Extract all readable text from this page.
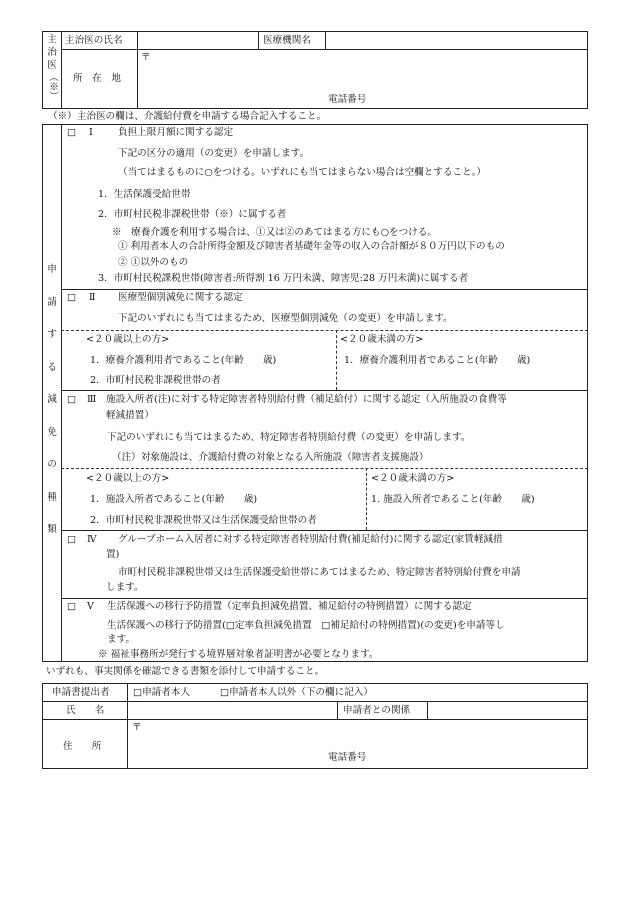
主
治
医
（※）
主治医の氏名	医療機関名
所　在　地
〒
電話番号
（※）主治医の欄は、介護給付費を申請する場合記入すること。
申
請
す
る
減
免
の
種
類
□ Ⅰ	負担上限月額に関する認定
下記の区分の適用（の変更）を申請します。
（当てはまるものに○をつける。いずれにも当てはまらない場合は空欄とすること。）
1．生活保護受給世帯
2．市町村民税非課税世帯（※）に属する者
※　療養介護を利用する場合は、①又は②のあてはまる方にも○をつける。
① 利用者本人の合計所得金額及び障害者基礎年金等の収入の合計額が８０万円以下のもの
② ①以外のもの
3．市町村民税課税世帯(障害者:所得割 16 万円未満、障害児:28 万円未満)に属する者
□ Ⅱ 医療型個別減免に関する認定
下記のいずれにも当てはまるため、医療型個別減免（の変更）を申請します。
<２０歳以上の方>
1．療養介護利用者であること(年齢　　歳)
2．市町村民税非課税世帯の者
<２０歳未満の方>
1．療養介護利用者であること(年齢　　歳)
□ Ⅲ 施設入所者(注)に対する特定障害者特別給付費（補足給付）に関する認定（入所施設の食費等
軽減措置）
下記のいずれにも当てはまるため、特定障害者特別給付費（の変更）を申請します。
（注）対象施設は、介護給付費の対象となる入所施設（障害者支援施設）
<２０歳以上の方>
1．施設入所者であること(年齢　　歳)
2．市町村民税非課税世帯又は生活保護受給世帯の者
<２０歳未満の方>
1. 施設入所者であること(年齢　　歳)
□ Ⅳ グループホーム入居者に対する特定障害者特別給付費(補足給付)に関する認定(家賃軽減措
置)
市町村民税非課税世帯又は生活保護受給世帯にあてはまるため、特定障害者特別給付費を申請
します。
□ Ⅴ 生活保護への移行予防措置（定率負担減免措置、補足給付の特例措置）に関する認定
生活保護への移行予防措置(□定率負担減免措置　□補足給付の特例措置)(の変更)を申請等し
ます。
※ 福祉事務所が発行する境界層対象者証明書が必要となります。
いずれも、事実関係を確認できる書類を添付して申請すること。
申請書提出者 □申請者本人	□申請者本人以外（下の欄に記入）
氏　　名	申請者との関係
住　　所
〒
電話番号
